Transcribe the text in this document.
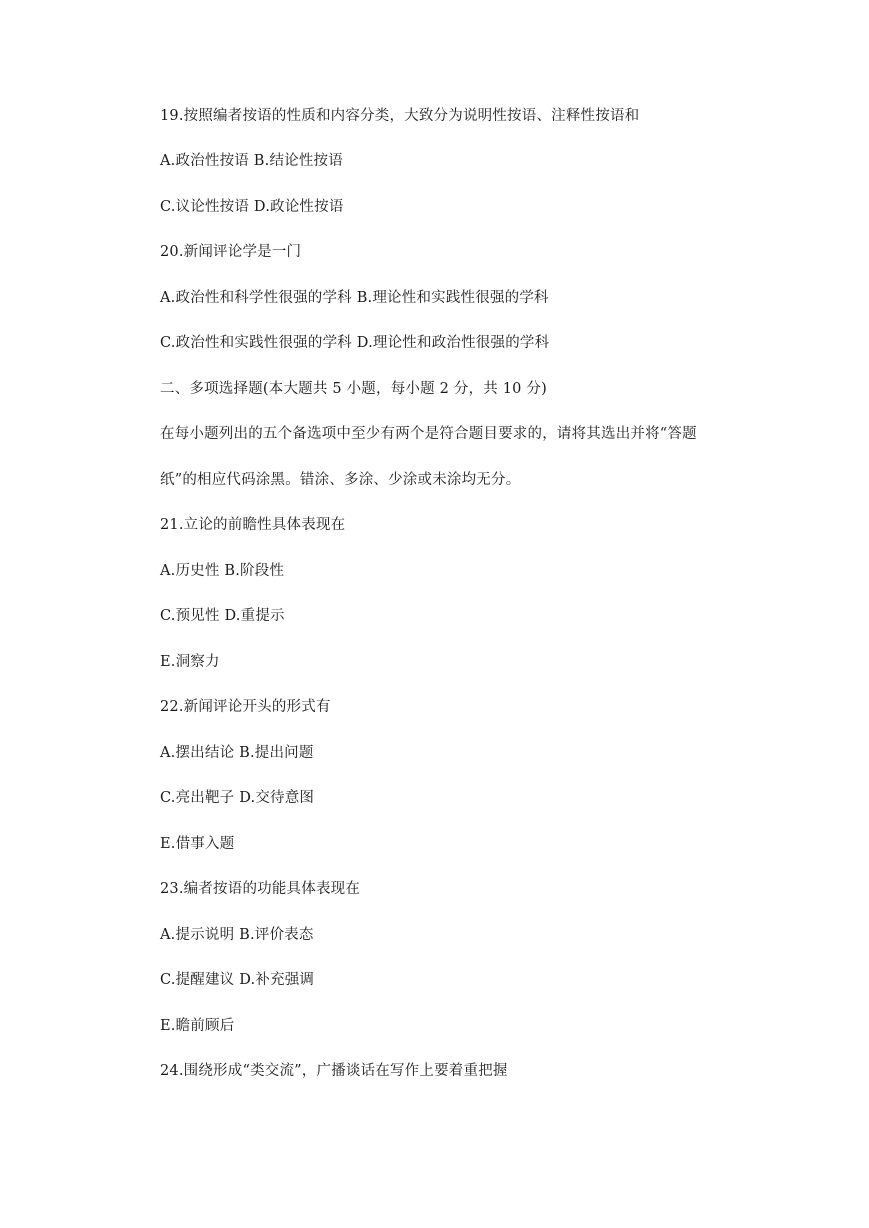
19.按照编者按语的性质和内容分类，大致分为说明性按语、注释性按语和
A.政治性按语 B.结论性按语
C.议论性按语 D.政论性按语
20.新闻评论学是一门
A.政治性和科学性很强的学科 B.理论性和实践性很强的学科
C.政治性和实践性很强的学科 D.理论性和政治性很强的学科
二、多项选择题(本大题共 5 小题，每小题 2 分，共 10 分)
在每小题列出的五个备选项中至少有两个是符合题目要求的，请将其选出并将“答题
纸”的相应代码涂黑。错涂、多涂、少涂或未涂均无分。
21.立论的前瞻性具体表现在
A.历史性 B.阶段性
C.预见性 D.重提示
E.洞察力
22.新闻评论开头的形式有
A.摆出结论 B.提出问题
C.亮出靶子 D.交待意图
E.借事入题
23.编者按语的功能具体表现在
A.提示说明 B.评价表态
C.提醒建议 D.补充强调
E.瞻前顾后
24.围绕形成“类交流”，广播谈话在写作上要着重把握
